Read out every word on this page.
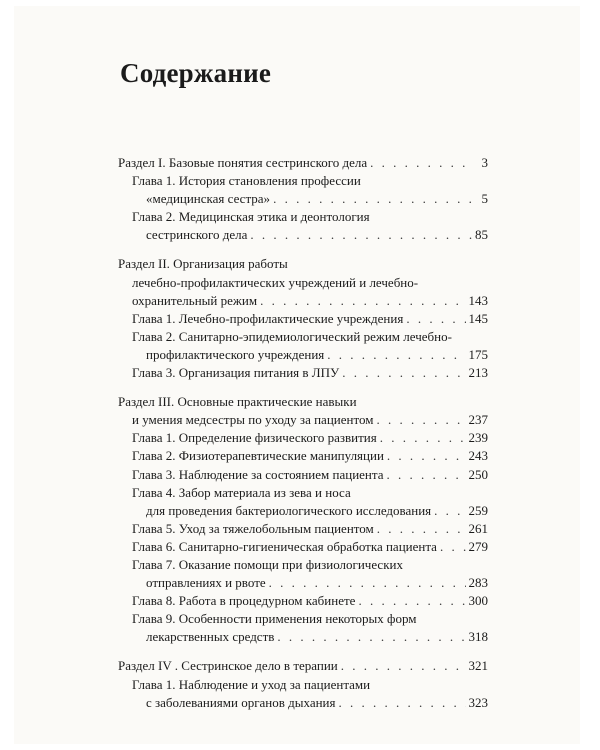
Содержание
Раздел I. Базовые понятия сестринского дела . . .	3
Глава 1. История становления профессии
«медицинская сестра» . . .	5
Глава 2. Медицинская этика и деонтология
сестринского дела . . .	85
Раздел II. Организация работы
лечебно-профилактических учреждений и лечебно-
охранительный режим . . .	143
Глава 1. Лечебно-профилактические учреждения . . .	145
Глава 2. Санитарно-эпидемиологический режим лечебно-
профилактического учреждения . . .	175
Глава 3. Организация питания в ЛПУ . . .	213
Раздел III. Основные практические навыки
и умения медсестры по уходу за пациентом . . .	237
Глава 1. Определение физического развития . . .	239
Глава 2. Физиотерапевтические манипуляции . . .	243
Глава 3. Наблюдение за состоянием пациента . . .	250
Глава 4. Забор материала из зева и носа
для проведения бактериологического исследования . . .	259
Глава 5. Уход за тяжелобольным пациентом . . .	261
Глава 6. Санитарно-гигиеническая обработка пациента . . . 279
Глава 7. Оказание помощи при физиологических
отправлениях и рвоте . . .	283
Глава 8. Работа в процедурном кабинете . . .	300
Глава 9. Особенности применения некоторых форм
лекарственных средств . . .	318
Раздел IV . Сестринское дело в терапии . . .	321
Глава 1. Наблюдение и уход за пациентами
с заболеваниями органов дыхания . . .	323
